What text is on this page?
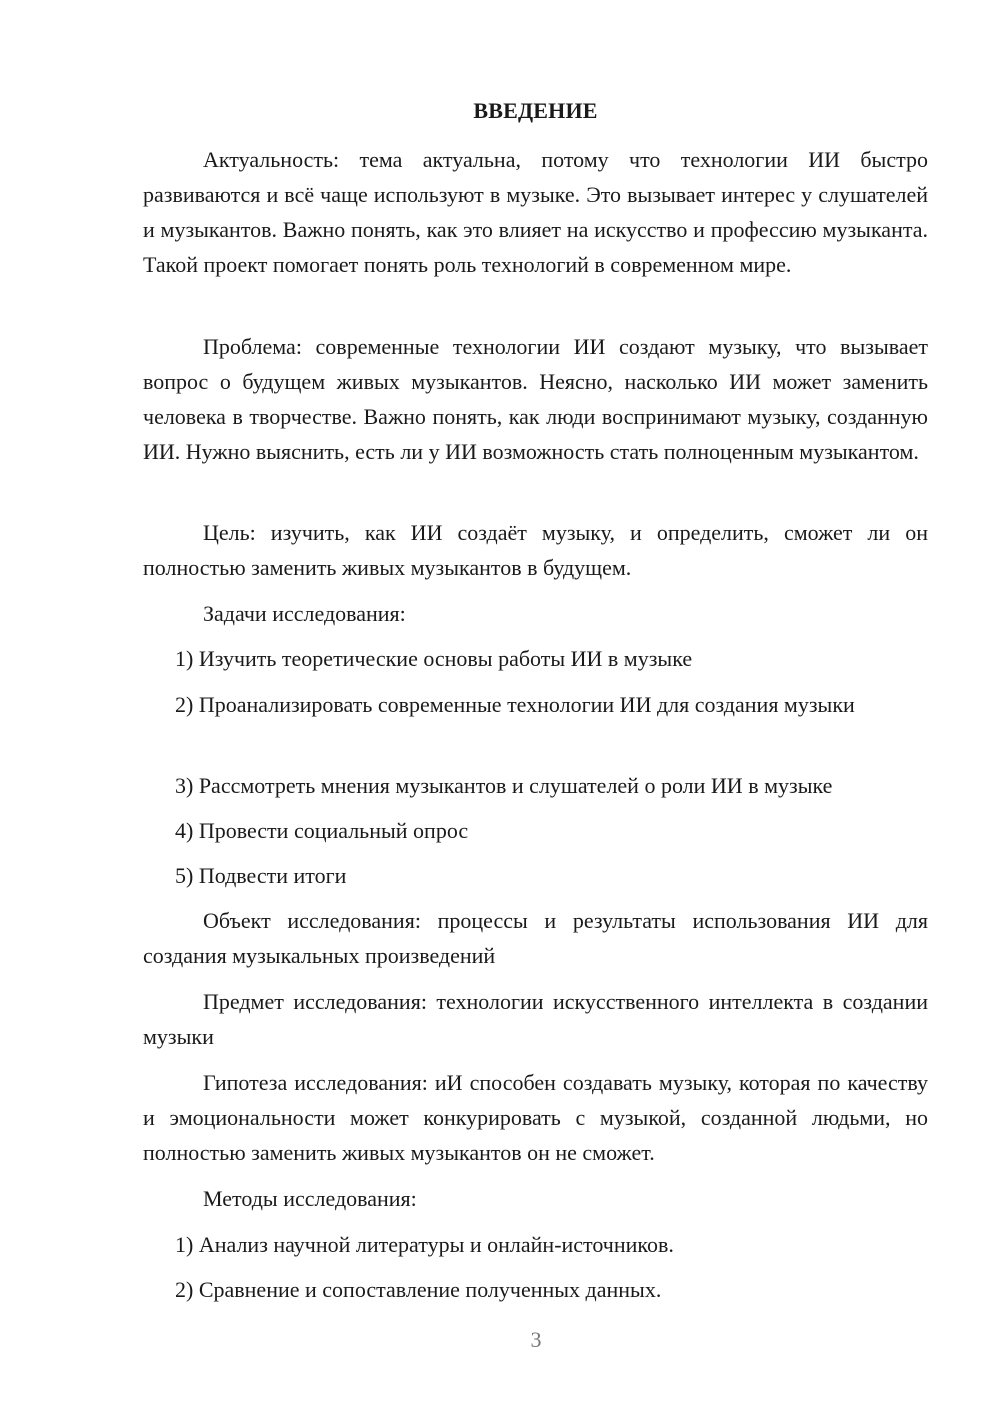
ВВЕДЕНИЕ

Актуальность: тема актуальна, потому что технологии ИИ быстро развиваются и всё чаще используют в музыке. Это вызывает интерес у слушателей и музыкантов. Важно понять, как это влияет на искусство и профессию музыканта. Такой проект помогает понять роль технологий в современном мире.

Проблема: современные технологии ИИ создают музыку, что вызывает вопрос о будущем живых музыкантов. Неясно, насколько ИИ может заменить человека в творчестве. Важно понять, как люди воспринимают музыку, созданную ИИ. Нужно выяснить, есть ли у ИИ возможность стать полноценным музыкантом.

Цель: изучить, как ИИ создаёт музыку, и определить, сможет ли он полностью заменить живых музыкантов в будущем.

Задачи исследования:

1) Изучить теоретические основы работы ИИ в музыке

2) Проанализировать современные технологии ИИ для создания музыки

3) Рассмотреть мнения музыкантов и слушателей о роли ИИ в музыке

4) Провести социальный опрос

5) Подвести итоги

Объект исследования: процессы и результаты использования ИИ для создания музыкальных произведений

Предмет исследования: технологии искусственного интеллекта в создании музыки

Гипотеза исследования: иИ способен создавать музыку, которая по качеству и эмоциональности может конкурировать с музыкой, созданной людьми, но полностью заменить живых музыкантов он не сможет.

Методы исследования:

1) Анализ научной литературы и онлайн-источников.

2) Сравнение и сопоставление полученных данных.

3
